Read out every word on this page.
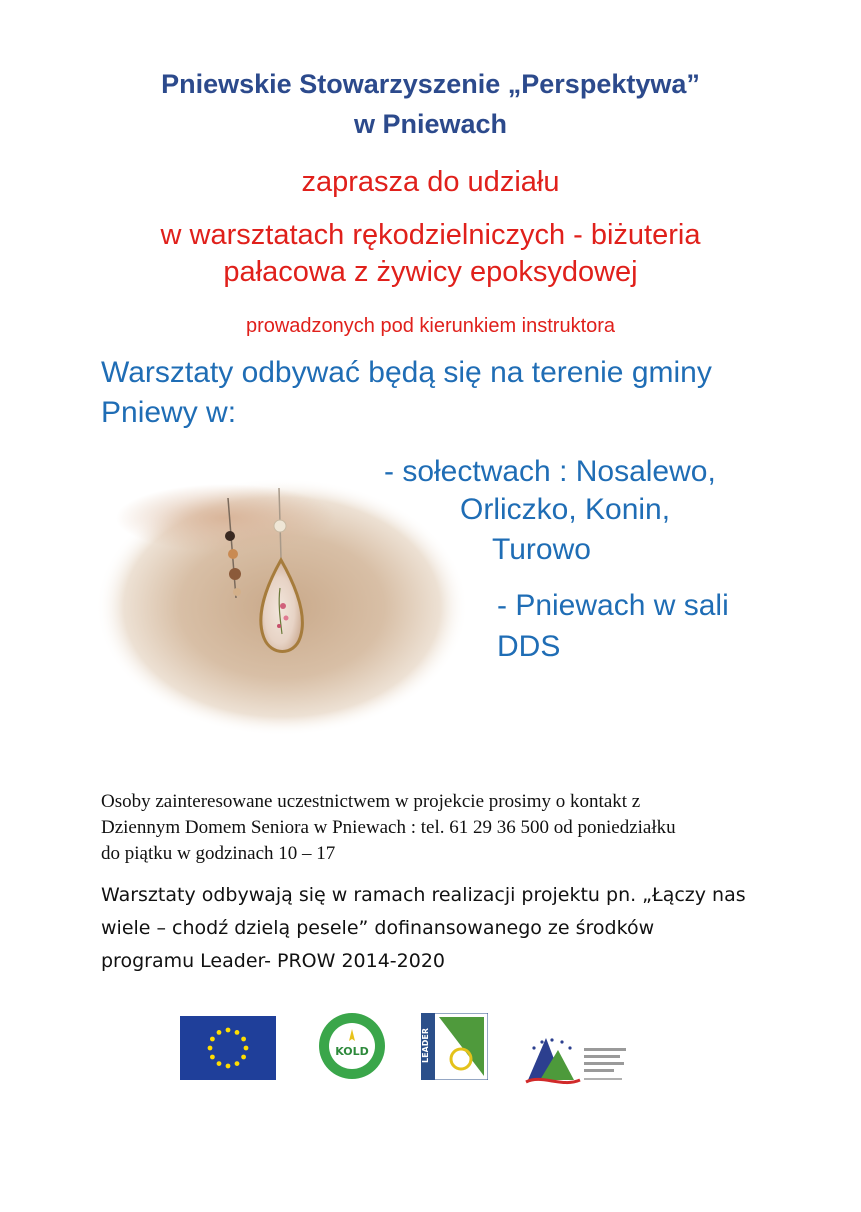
Pniewskie Stowarzyszenie „Perspektywa”
w Pniewach
zaprasza do udziału
w warsztatach rękodzielniczych - biżuteria
pałacowa z żywicy epoksydowej
prowadzonych pod kierunkiem instruktora
Warsztaty odbywać będą się na terenie gminy
Pniewy w:
- sołectwach : Nosalewo,
Orliczko, Konin,
Turowo
- Pniewach w sali
DDS
Osoby zainteresowane uczestnictwem w projekcie prosimy o kontakt z
Dziennym Domem Seniora w Pniewach : tel. 61 29 36 500 od poniedziałku
do piątku w godzinach 10 – 17
Warsztaty odbywają się w ramach realizacji projektu pn. „Łączy nas
wiele – chodź dzielą pesele” dofinansowanego ze środków
programu Leader- PROW 2014-2020
KOLD	LEADER
